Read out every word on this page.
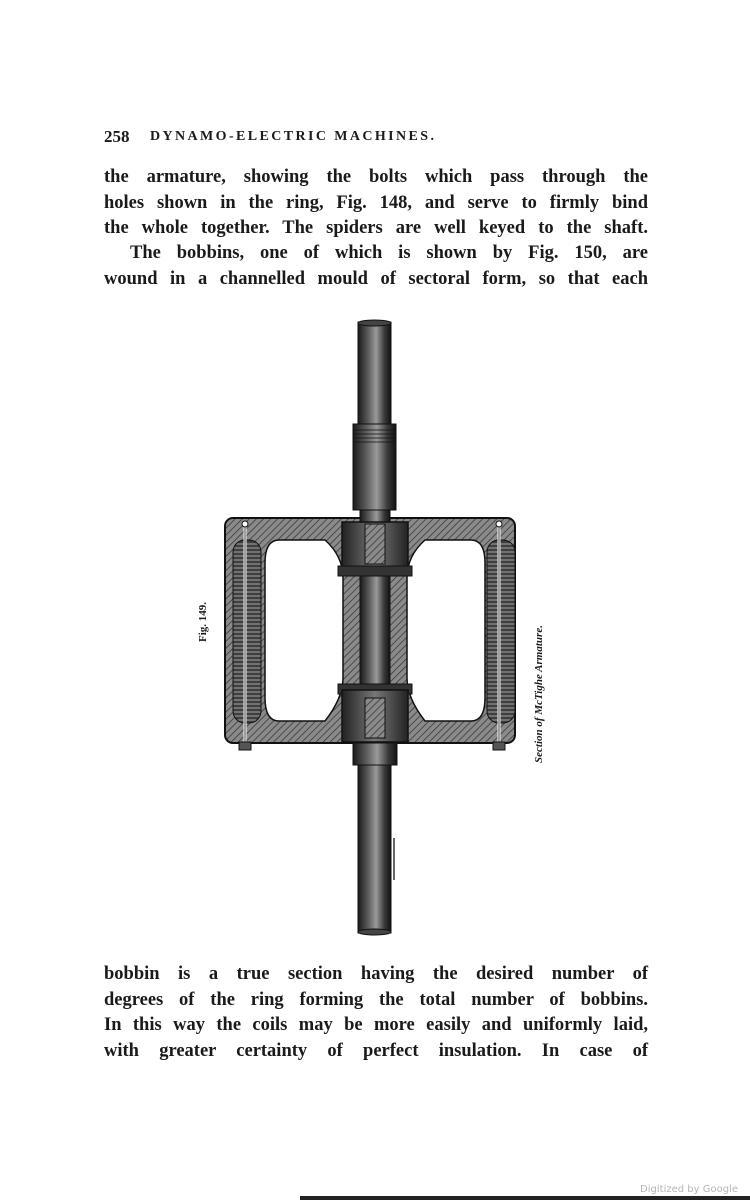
258 DYNAMO-ELECTRIC MACHINES.
the armature, showing the bolts which pass through the
holes shown in the ring, Fig. 148, and serve to firmly bind
the whole together. The spiders are well keyed to the shaft.
The bobbins, one of which is shown by Fig. 150, are
wound in a channelled mould of sectoral form, so that each
Fig. 149.
Section of McTighe Armature.
bobbin is a true section having the desired number of
degrees of the ring forming the total number of bobbins.
In this way the coils may be more easily and uniformly laid,
with greater certainty of perfect insulation. In case of
Digitized by Google
